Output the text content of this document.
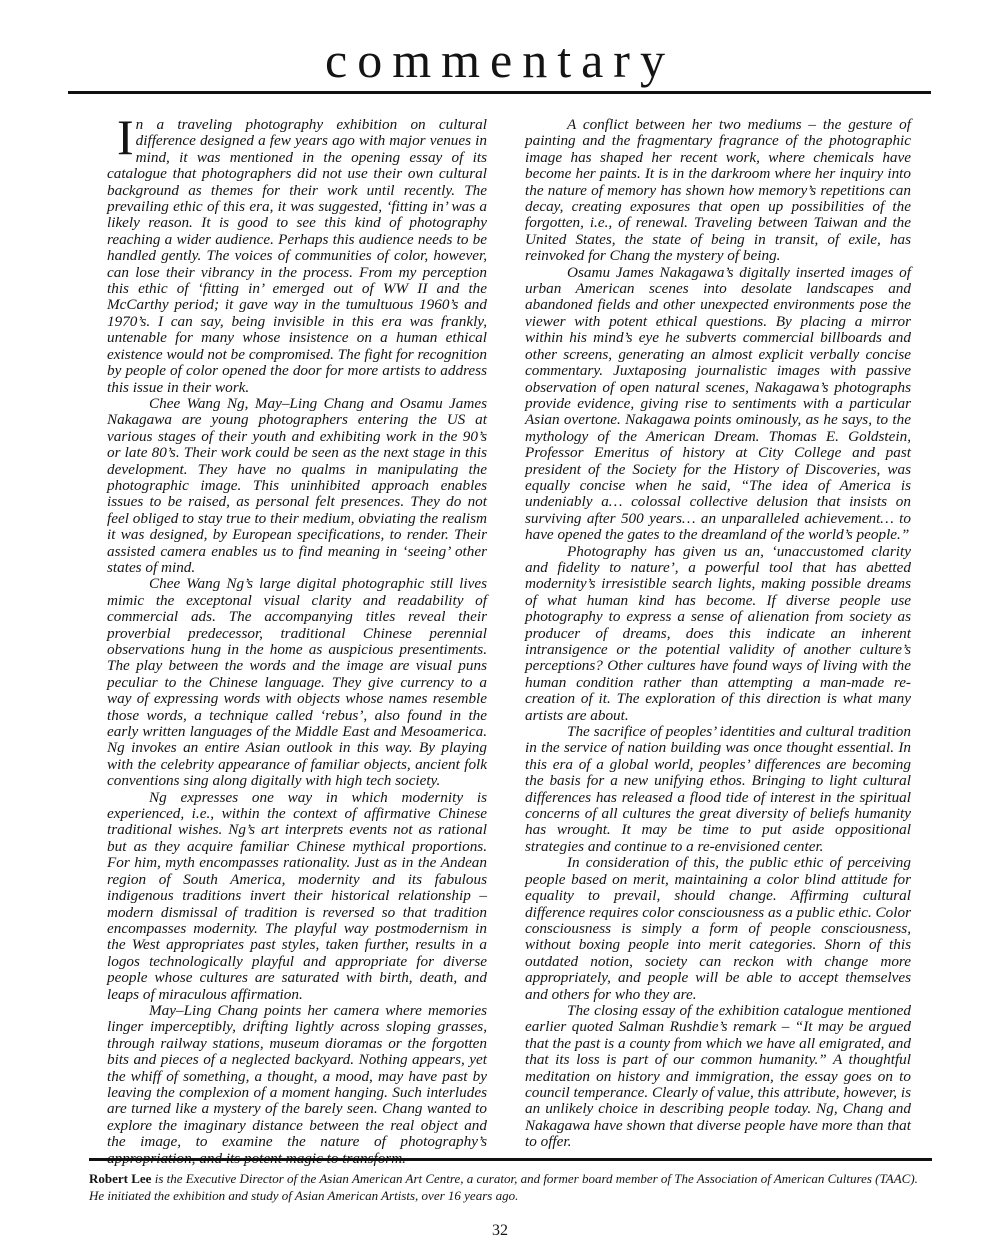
commentary

In a traveling photography exhibition on cultural difference designed a few years ago with major venues in mind, it was mentioned in the opening essay of its catalogue that photographers did not use their own cultural background as themes for their work until recently. The prevailing ethic of this era, it was suggested, ‘fitting in’ was a likely reason. It is good to see this kind of photography reaching a wider audience. Perhaps this audience needs to be handled gently. The voices of communities of color, however, can lose their vibrancy in the process. From my perception this ethic of ‘fitting in’ emerged out of WW II and the McCarthy period; it gave way in the tumultuous 1960’s and 1970’s. I can say, being invisible in this era was frankly, untenable for many whose insistence on a human ethical existence would not be compromised. The fight for recognition by people of color opened the door for more artists to address this issue in their work.

Chee Wang Ng, May–Ling Chang and Osamu James Nakagawa are young photographers entering the US at various stages of their youth and exhibiting work in the 90’s or late 80’s. Their work could be seen as the next stage in this development. They have no qualms in manipulating the photographic image. This uninhibited approach enables issues to be raised, as personal felt presences. They do not feel obliged to stay true to their medium, obviating the realism it was designed, by European specifications, to render. Their assisted camera enables us to find meaning in ‘seeing’ other states of mind.

Chee Wang Ng’s large digital photographic still lives mimic the exceptonal visual clarity and readability of commercial ads. The accompanying titles reveal their proverbial predecessor, traditional Chinese perennial observations hung in the home as auspicious presentiments. The play between the words and the image are visual puns peculiar to the Chinese language. They give currency to a way of expressing words with objects whose names resemble those words, a technique called ‘rebus’, also found in the early written languages of the Middle East and Mesoamerica. Ng invokes an entire Asian outlook in this way. By playing with the celebrity appearance of familiar objects, ancient folk conventions sing along digitally with high tech society.

Ng expresses one way in which modernity is experienced, i.e., within the context of affirmative Chinese traditional wishes. Ng’s art interprets events not as rational but as they acquire familiar Chinese mythical proportions. For him, myth encompasses rationality. Just as in the Andean region of South America, modernity and its fabulous indigenous traditions invert their historical relationship – modern dismissal of tradition is reversed so that tradition encompasses modernity. The playful way postmodernism in the West appropriates past styles, taken further, results in a logos technologically playful and appropriate for diverse people whose cultures are saturated with birth, death, and leaps of miraculous affirmation.

May–Ling Chang points her camera where memories linger imperceptibly, drifting lightly across sloping grasses, through railway stations, museum dioramas or the forgotten bits and pieces of a neglected backyard. Nothing appears, yet the whiff of something, a thought, a mood, may have past by leaving the complexion of a moment hanging. Such interludes are turned like a mystery of the barely seen. Chang wanted to explore the imaginary distance between the real object and the image, to examine the nature of photography’s

A conflict between her two mediums – the gesture of painting and the fragmentary fragrance of the photographic image has shaped her recent work, where chemicals have become her paints. It is in the darkroom where her inquiry into the nature of memory has shown how memory’s repetitions can decay, creating exposures that open up possibilities of the forgotten, i.e., of renewal. Traveling between Taiwan and the United States, the state of being in transit, of exile, has reinvoked for Chang the mystery of being.

Osamu James Nakagawa’s digitally inserted images of urban American scenes into desolate landscapes and abandoned fields and other unexpected environments pose the viewer with potent ethical questions. By placing a mirror within his mind’s eye he subverts commercial billboards and other screens, generating an almost explicit verbally concise commentary. Juxtaposing journalistic images with passive observation of open natural scenes, Nakagawa’s photographs provide evidence, giving rise to sentiments with a particular Asian overtone. Nakagawa points ominously, as he says, to the mythology of the American Dream. Thomas E. Goldstein, Professor Emeritus of history at City College and past president of the Society for the History of Discoveries, was equally concise when he said, “The idea of America is undeniably a… colossal collective delusion that insists on surviving after 500 years… an unparalleled achievement… to have opened the gates to the dreamland of the world’s people.”

Photography has given us an, ‘unaccustomed clarity and fidelity to nature’, a powerful tool that has abetted modernity’s irresistible search lights, making possible dreams of what human kind has become. If diverse people use photography to express a sense of alienation from society as producer of dreams, does this indicate an inherent intransigence or the potential validity of another culture’s perceptions? Other cultures have found ways of living with the human condition rather than attempting a man-made re-creation of it. The exploration of this direction is what many artists are about.

The sacrifice of peoples’ identities and cultural tradition in the service of nation building was once thought essential. In this era of a global world, peoples’ differences are becoming the basis for a new unifying ethos. Bringing to light cultural differences has released a flood tide of interest in the spiritual concerns of all cultures the great diversity of beliefs humanity has wrought. It may be time to put aside oppositional strategies and continue to a re-envisioned center.

In consideration of this, the public ethic of perceiving people based on merit, maintaining a color blind attitude for equality to prevail, should change. Affirming cultural difference requires color consciousness as a public ethic. Color consciousness is simply a form of people consciousness, without boxing people into merit categories. Shorn of this outdated notion, society can reckon with change more appropriately, and people will be able to accept themselves and others for who they are.

The closing essay of the exhibition catalogue mentioned earlier quoted Salman Rushdie’s remark – “It may be argued that the past is a county from which we have all emigrated, and that its loss is part of our common humanity.” A thoughtful meditation on history and immigration, the essay goes on to council temperance. Clearly of value, this attribute, however, is an unlikely choice in describing people today. Ng, Chang and Nakagawa have shown that diverse people have more than that to offer.

Robert Lee is the Executive Director of the Asian American Art Centre, a curator, and former board member of The Association of American Cultures (TAAC). He initiated the exhibition and study of Asian American Artists, over 16 years ago.
32
